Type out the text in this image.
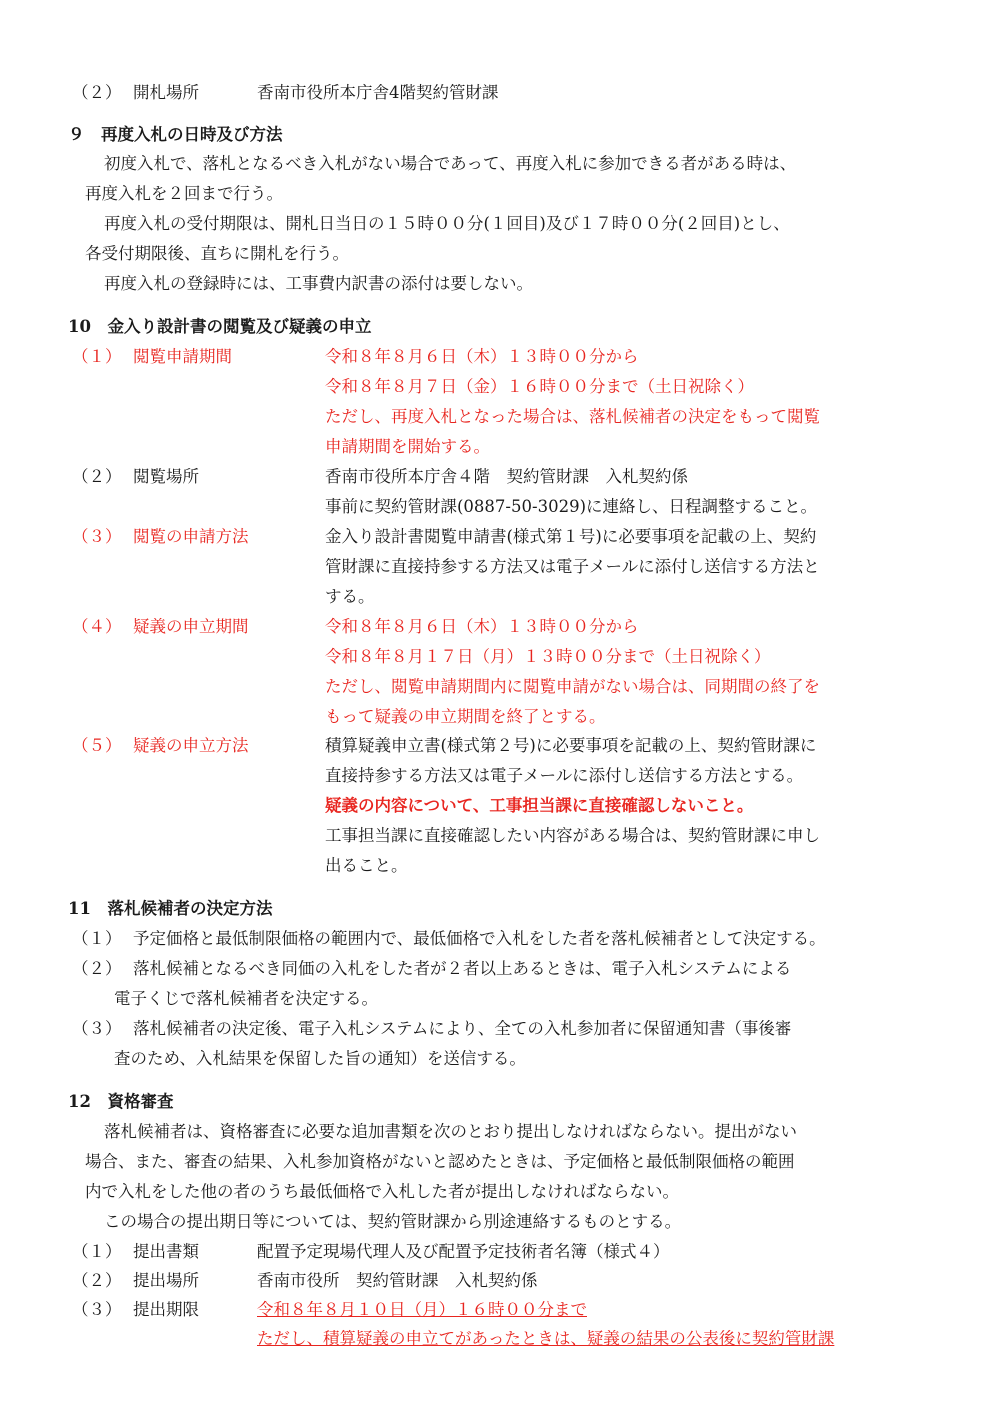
（２） 開札場所	香南市役所本庁舎4階契約管財課
９　再度入札の日時及び方法
初度入札で、落札となるべき入札がない場合であって、再度入札に参加できる者がある時は、
再度入札を２回まで行う。
再度入札の受付期限は、開札日当日の１５時００分(１回目)及び１７時００分(２回目)とし、
各受付期限後、直ちに開札を行う。
再度入札の登録時には、工事費内訳書の添付は要しない。
10　金入り設計書の閲覧及び疑義の申立
（１） 閲覧申請期間	令和８年８月６日（木）１３時００分から
令和８年８月７日（金）１６時００分まで（土日祝除く）
ただし、再度入札となった場合は、落札候補者の決定をもって閲覧
申請期間を開始する。
（２） 閲覧場所	香南市役所本庁舎４階　契約管財課　入札契約係
事前に契約管財課(0887-50-3029)に連絡し、日程調整すること。
（３） 閲覧の申請方法	金入り設計書閲覧申請書(様式第１号)に必要事項を記載の上、契約
管財課に直接持参する方法又は電子メールに添付し送信する方法と
する。
（４） 疑義の申立期間	令和８年８月６日（木）１３時００分から
令和８年８月１７日（月）１３時００分まで（土日祝除く）
ただし、閲覧申請期間内に閲覧申請がない場合は、同期間の終了を
もって疑義の申立期間を終了とする。
（５） 疑義の申立方法	積算疑義申立書(様式第２号)に必要事項を記載の上、契約管財課に
直接持参する方法又は電子メールに添付し送信する方法とする。
疑義の内容について、工事担当課に直接確認しないこと。
工事担当課に直接確認したい内容がある場合は、契約管財課に申し
出ること。
11　落札候補者の決定方法
（１） 予定価格と最低制限価格の範囲内で、最低価格で入札をした者を落札候補者として決定する。
（２） 落札候補となるべき同価の入札をした者が２者以上あるときは、電子入札システムによる
電子くじで落札候補者を決定する。
（３） 落札候補者の決定後、電子入札システムにより、全ての入札参加者に保留通知書（事後審
査のため、入札結果を保留した旨の通知）を送信する。
12　資格審査
落札候補者は、資格審査に必要な追加書類を次のとおり提出しなければならない。提出がない
場合、また、審査の結果、入札参加資格がないと認めたときは、予定価格と最低制限価格の範囲
内で入札をした他の者のうち最低価格で入札した者が提出しなければならない。
この場合の提出期日等については、契約管財課から別途連絡するものとする。
（１） 提出書類	配置予定現場代理人及び配置予定技術者名簿（様式４）
（２） 提出場所	香南市役所　契約管財課　入札契約係
（３） 提出期限	令和８年８月１０日（月）１６時００分まで
ただし、積算疑義の申立てがあったときは、疑義の結果の公表後に契約管財課
